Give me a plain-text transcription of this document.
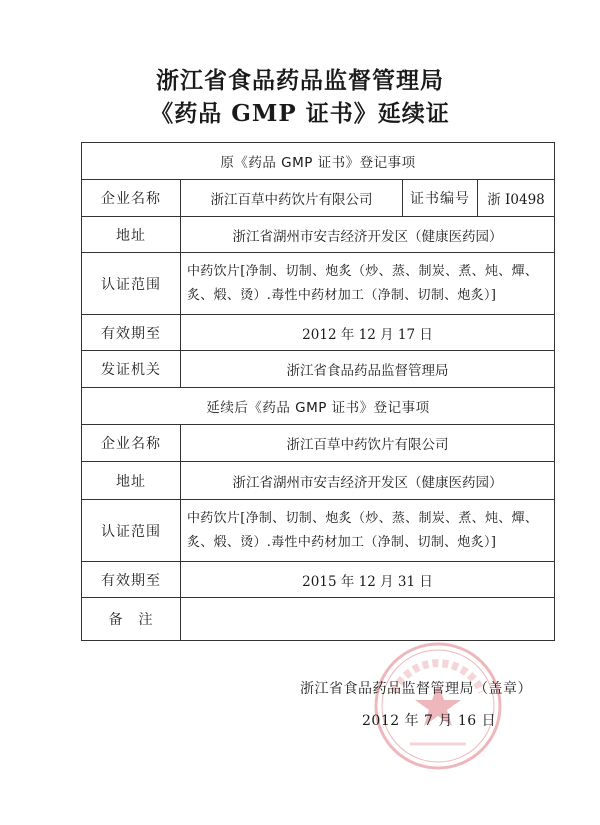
浙江省食品药品监督管理局
《药品 GMP 证书》延续证
原《药品 GMP 证书》登记事项			
企业名称	浙江百草中药饮片有限公司	证书编号	浙 I0498
地址	浙江省湖州市安吉经济开发区（健康医药园）		
认证范围	中药饮片[净制、切制、炮炙（炒、蒸、制炭、煮、炖、燀、
炙、煅、烫）.毒性中药材加工（净制、切制、炮炙）]		

有效期至	2012 年 12 月 17 日		
发证机关	浙江省食品药品监督管理局		
延续后《药品 GMP 证书》登记事项			
企业名称	浙江百草中药饮片有限公司		
地址	浙江省湖州市安吉经济开发区（健康医药园）		
认证范围	中药饮片[净制、切制、炮炙（炒、蒸、制炭、煮、炖、燀、
炙、煅、烫）.毒性中药材加工（净制、切制、炮炙）]		

有效期至	2015 年 12 月 31 日		
备　注			
浙江省食品药品监督管理局（盖章）
2012 年 7 月 16 日
